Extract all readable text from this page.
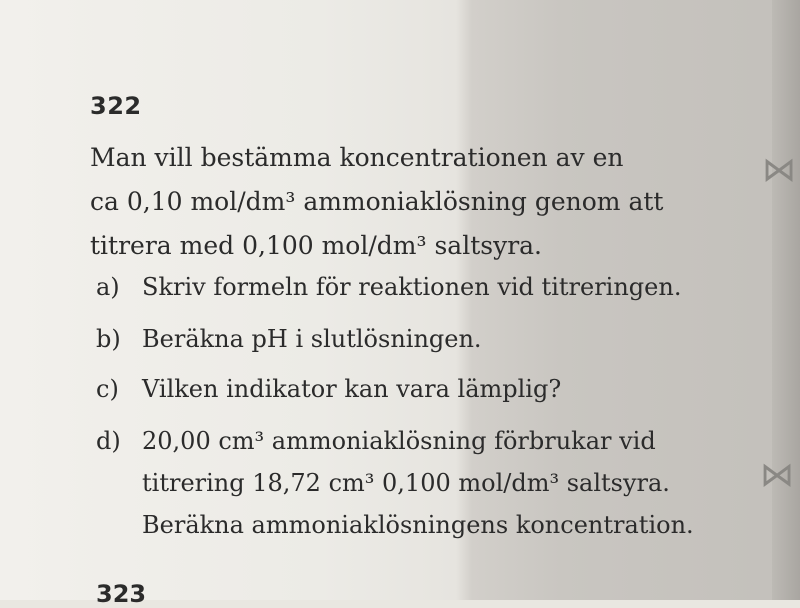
⋈
⋈
322
Man vill bestämma koncentrationen av en
ca 0,10 mol/dm³ ammoniaklösning genom att
titrera med 0,100 mol/dm³ saltsyra.
a) Skriv formeln för reaktionen vid titreringen.
b) Beräkna pH i slutlösningen.
c) Vilken indikator kan vara lämplig?
d) 20,00 cm³ ammoniaklösning förbrukar vid
titrering 18,72 cm³ 0,100 mol/dm³ saltsyra.
Beräkna ammoniaklösningens koncentration.
323
